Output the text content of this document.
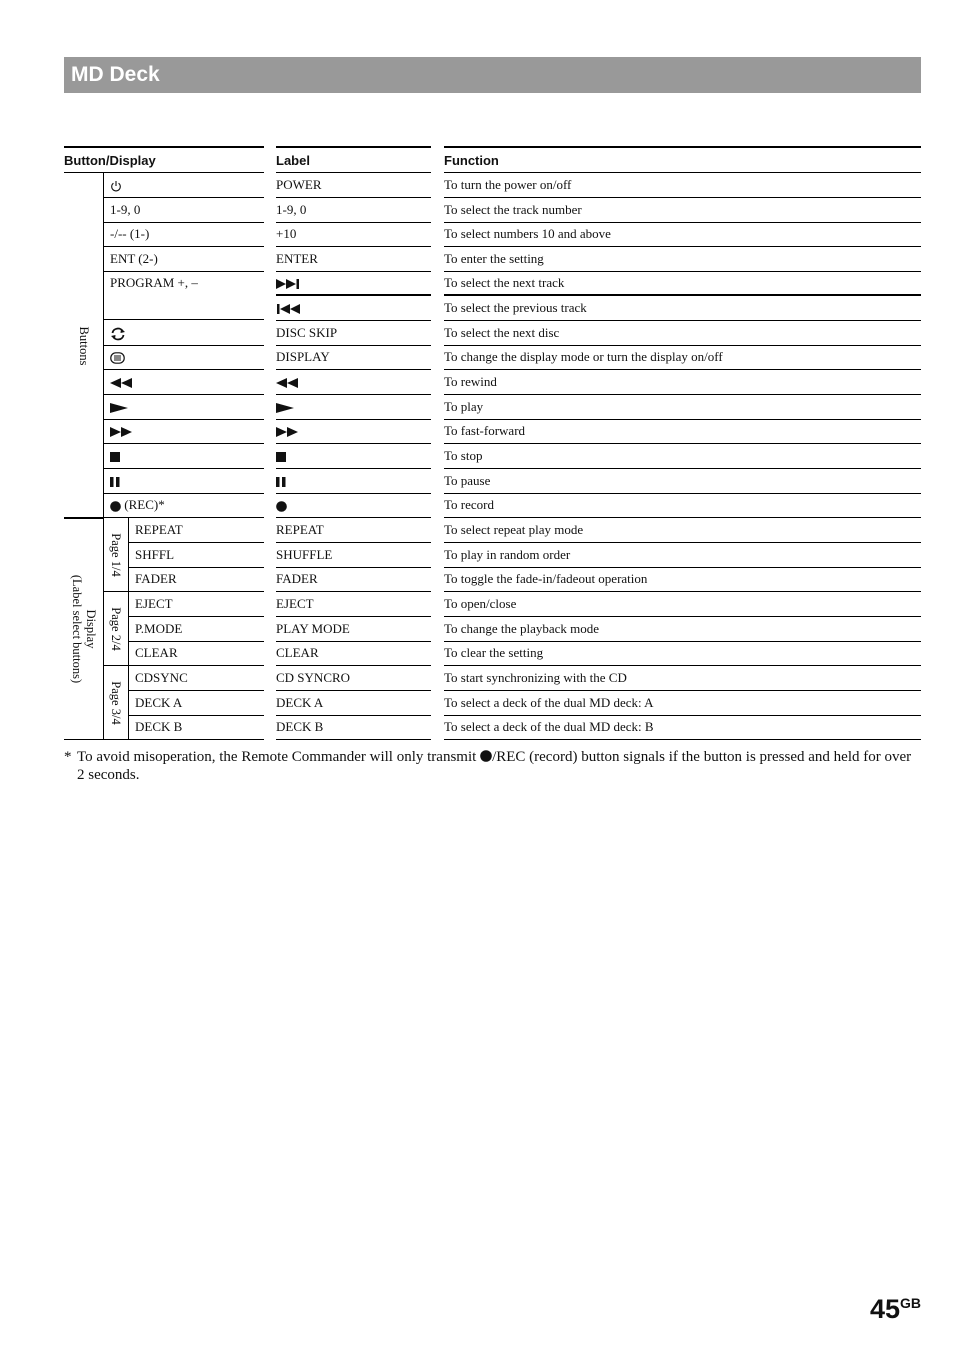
MD Deck
Button/Display	Label	Function
Buttons
Display
(Label select buttons)
Page 1/4
Page 2/4
Page 3/4
1-9, 0
-/-- (1-)
ENT (2-)
PROGRAM +, –
(REC)*
REPEAT
SHFFL
FADER
EJECT
P.MODE
CLEAR
CDSYNC
DECK A
DECK B
POWER
1-9, 0
+10
ENTER
DISC SKIP
DISPLAY
REPEAT
SHUFFLE
FADER
EJECT
PLAY MODE
CLEAR
CD SYNCRO
DECK A
DECK B
To turn the power on/off
To select the track number
To select numbers 10 and above
To enter the setting
To select the next track
To select the previous track
To select the next disc
To change the display mode or turn the display on/off
To rewind
To play
To fast-forward
To stop
To pause
To record
To select repeat play mode
To play in random order
To toggle the fade-in/fadeout operation
To open/close
To change the playback mode
To clear the setting
To start synchronizing with the CD
To select a deck of the dual MD deck: A
To select a deck of the dual MD deck: B
* To avoid misoperation, the Remote Commander will only transmit /REC (record) button signals if the button is pressed and held for over 2 seconds.
$45^{GB}$
